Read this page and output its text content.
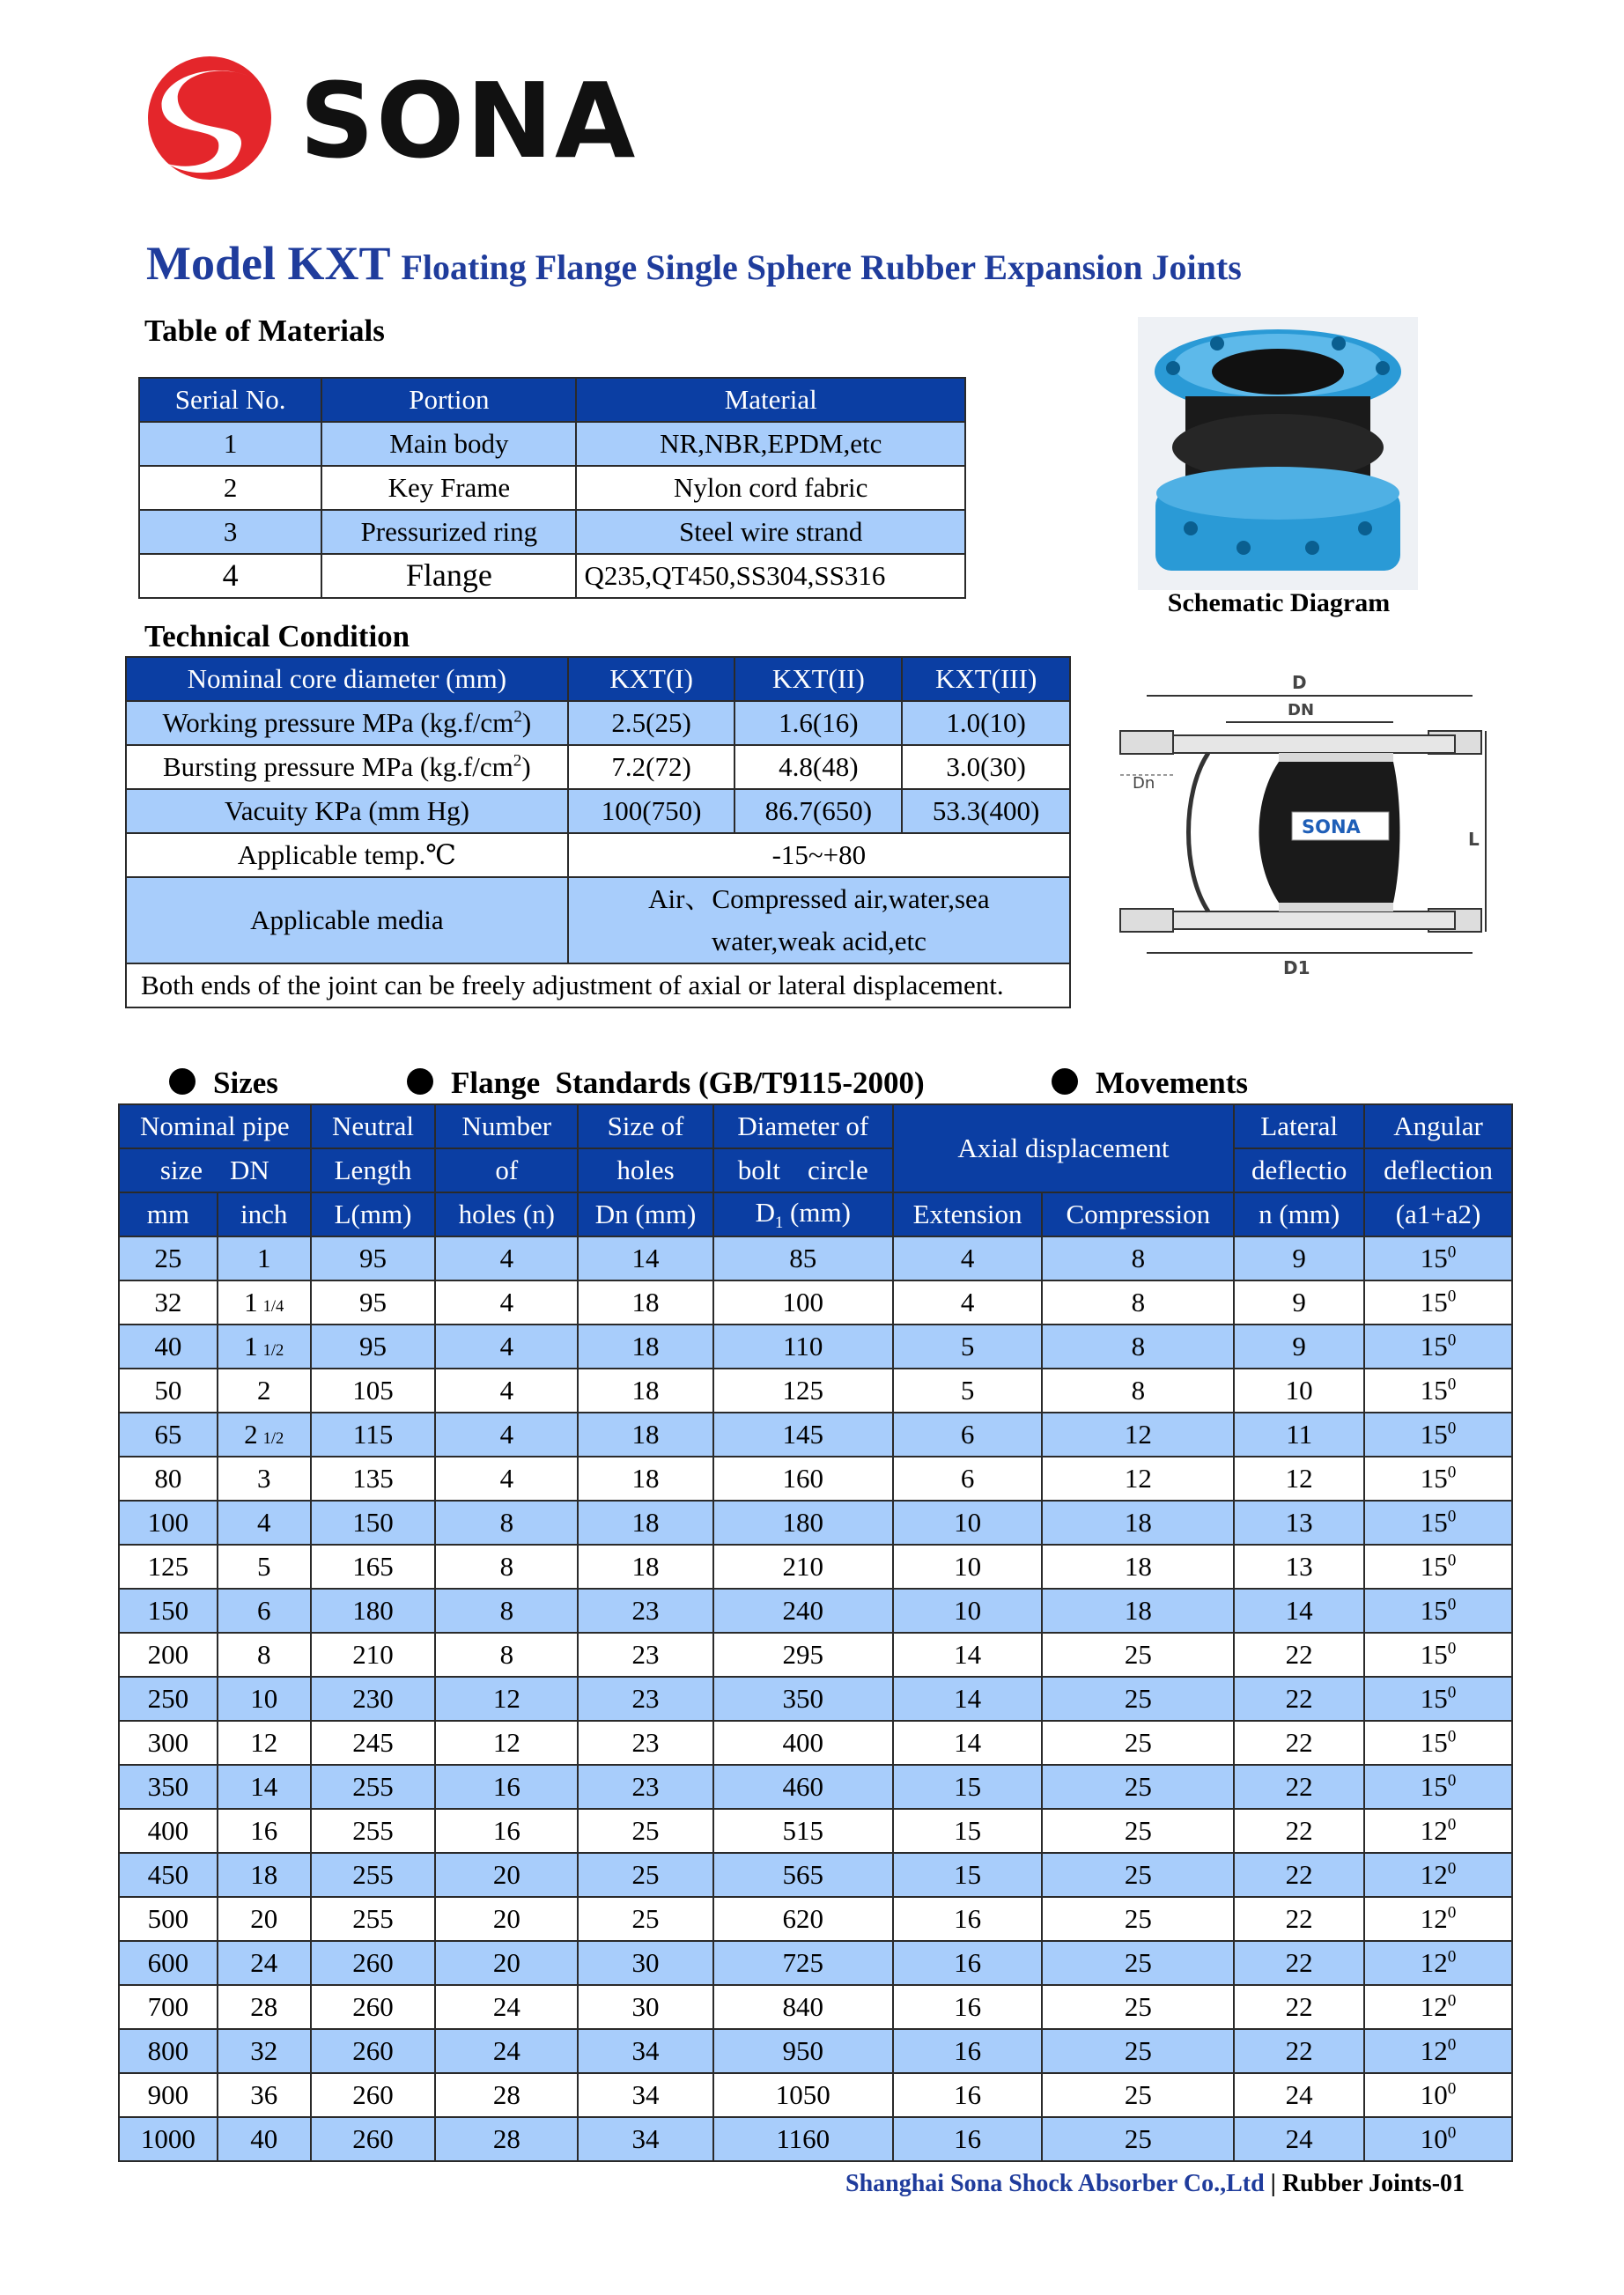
SONA
Model KXT Floating Flange Single Sphere Rubber Expansion Joints
Table of Materials
Serial No.	Portion	Material
1	Main body	NR,NBR,EPDM,etc
2	Key Frame	Nylon cord fabric
3	Pressurized ring	Steel wire strand
4	Flange	Q235,QT450,SS304,SS316
Schematic Diagram
Technical Condition
Nominal core diameter (mm)	KXT(I)	KXT(II)	KXT(III)
Working pressure MPa $(kg.f/cm^2)$	2.5(25)	1.6(16)	1.0(10)
Bursting pressure MPa $(kg.f/cm^2)$	7.2(72)	4.8(48)	3.0(30)
Vacuity KPa (mm Hg)	100(750)	86.7(650)	53.3(400)
Applicable temp.℃	-15~+80		
Applicable media	Air、Compressed air,water,sea
water,weak acid,etc		

Both ends of the joint can be freely adjustment of axial or lateral displacement.			
D
DN
SONA
Dn
L
D1
Sizes	Flange  Standards (GB/T9115-2000)	Movements
Nominal pipe		Neutral	Number	Size of	Diameter of	Axial displacement		Lateral	Angular
size    DN		Length	of	holes	bolt    circle			deflectio	deflection
mm	inch	L(mm)	holes (n)	Dn (mm)	$D_1$ (mm)	Extension	Compression	n (mm)	(a1+a2)
25	1	95	4	14	85	4	8	9	$15^0$
32	1 1/4	95	4	18	100	4	8	9	$15^0$
40	1 1/2	95	4	18	110	5	8	9	$15^0$
50	2	105	4	18	125	5	8	10	$15^0$
65	2 1/2	115	4	18	145	6	12	11	$15^0$
80	3	135	4	18	160	6	12	12	$15^0$
100	4	150	8	18	180	10	18	13	$15^0$
125	5	165	8	18	210	10	18	13	$15^0$
150	6	180	8	23	240	10	18	14	$15^0$
200	8	210	8	23	295	14	25	22	$15^0$
250	10	230	12	23	350	14	25	22	$15^0$
300	12	245	12	23	400	14	25	22	$15^0$
350	14	255	16	23	460	15	25	22	$15^0$
400	16	255	16	25	515	15	25	22	$12^0$
450	18	255	20	25	565	15	25	22	$12^0$
500	20	255	20	25	620	16	25	22	$12^0$
600	24	260	20	30	725	16	25	22	$12^0$
700	28	260	24	30	840	16	25	22	$12^0$
800	32	260	24	34	950	16	25	22	$12^0$
900	36	260	28	34	1050	16	25	24	$10^0$
1000	40	260	28	34	1160	16	25	24	$10^0$
Shanghai Sona Shock Absorber Co.,Ltd | Rubber Joints-01
